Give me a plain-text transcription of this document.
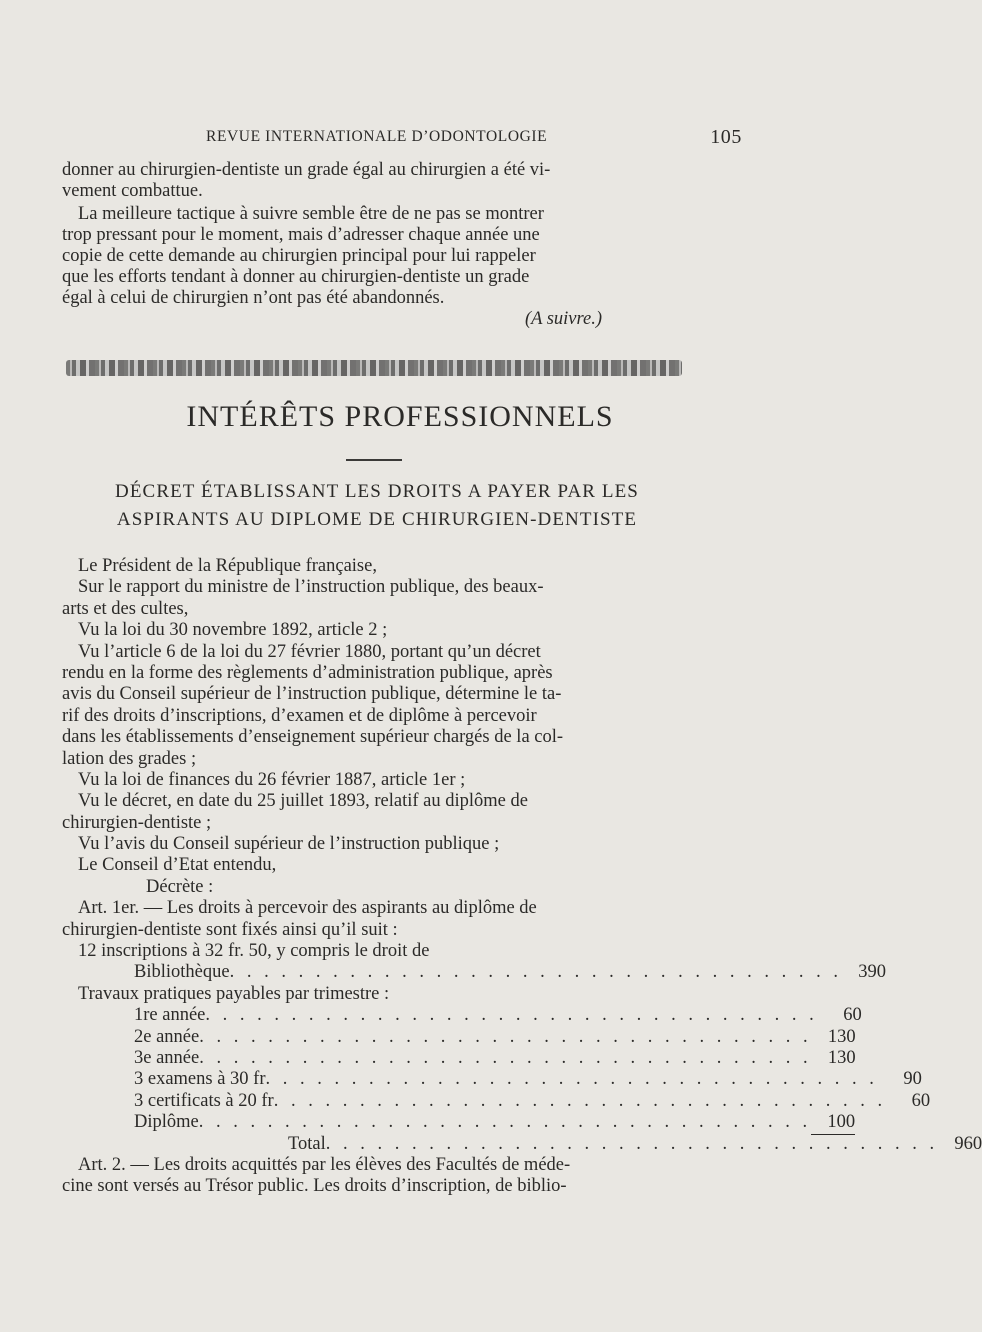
REVUE INTERNATIONALE D’ODONTOLOGIE	105
donner au chirurgien-dentiste un grade égal au chirurgien a été vi-
vement combattue.
La meilleure tactique à suivre semble être de ne pas se montrer
trop pressant pour le moment, mais d’adresser chaque année une
copie de cette demande au chirurgien principal pour lui rappeler
que les efforts tendant à donner au chirurgien-dentiste un grade
égal à celui de chirurgien n’ont pas été abandonnés.
(A suivre.)
INTÉRÊTS PROFESSIONNELS
DÉCRET ÉTABLISSANT LES DROITS A PAYER PAR LES
ASPIRANTS AU DIPLOME DE CHIRURGIEN-DENTISTE
Le Président de la République française,
Sur le rapport du ministre de l’instruction publique, des beaux-
arts et des cultes,
Vu la loi du 30 novembre 1892, article 2 ;
Vu l’article 6 de la loi du 27 février 1880, portant qu’un décret
rendu en la forme des règlements d’administration publique, après
avis du Conseil supérieur de l’instruction publique, détermine le ta-
rif des droits d’inscriptions, d’examen et de diplôme à percevoir
dans les établissements d’enseignement supérieur chargés de la col-
lation des grades ;
Vu la loi de finances du 26 février 1887, article 1er ;
Vu le décret, en date du 25 juillet 1893, relatif au diplôme de
chirurgien-dentiste ;
Vu l’avis du Conseil supérieur de l’instruction publique ;
Le Conseil d’Etat entendu,
Décrète :
Art. 1er. — Les droits à percevoir des aspirants au diplôme de
chirurgien-dentiste sont fixés ainsi qu’il suit :
12 inscriptions à 32 fr. 50, y compris le droit de
Bibliothèque . . . . . . . . . . . . . . . . . . . . . . . . . . . . . . . . . . . . 390
Travaux pratiques payables par trimestre :
1re année . . . . . . . . . . . . . . . . . . . . . . . . . . . . . . . . . . . .	60
2e année . . . . . . . . . . . . . . . . . . . . . . . . . . . . . . . . . . . . 130
3e année . . . . . . . . . . . . . . . . . . . . . . . . . . . . . . . . . . . . 130
3 examens à 30 fr . . . . . . . . . . . . . . . . . . . . . . . . . . . . . . . . . . . .	90
3 certificats à 20 fr . . . . . . . . . . . . . . . . . . . . . . . . . . . . . . . . . . . .	60
Diplôme . . . . . . . . . . . . . . . . . . . . . . . . . . . . . . . . . . . . 100
Total . . . . . . . . . . . . . . . . . . . . . . . . . . . . . . . . . . . . 960
Art. 2. — Les droits acquittés par les élèves des Facultés de méde-
cine sont versés au Trésor public. Les droits d’inscription, de biblio-
